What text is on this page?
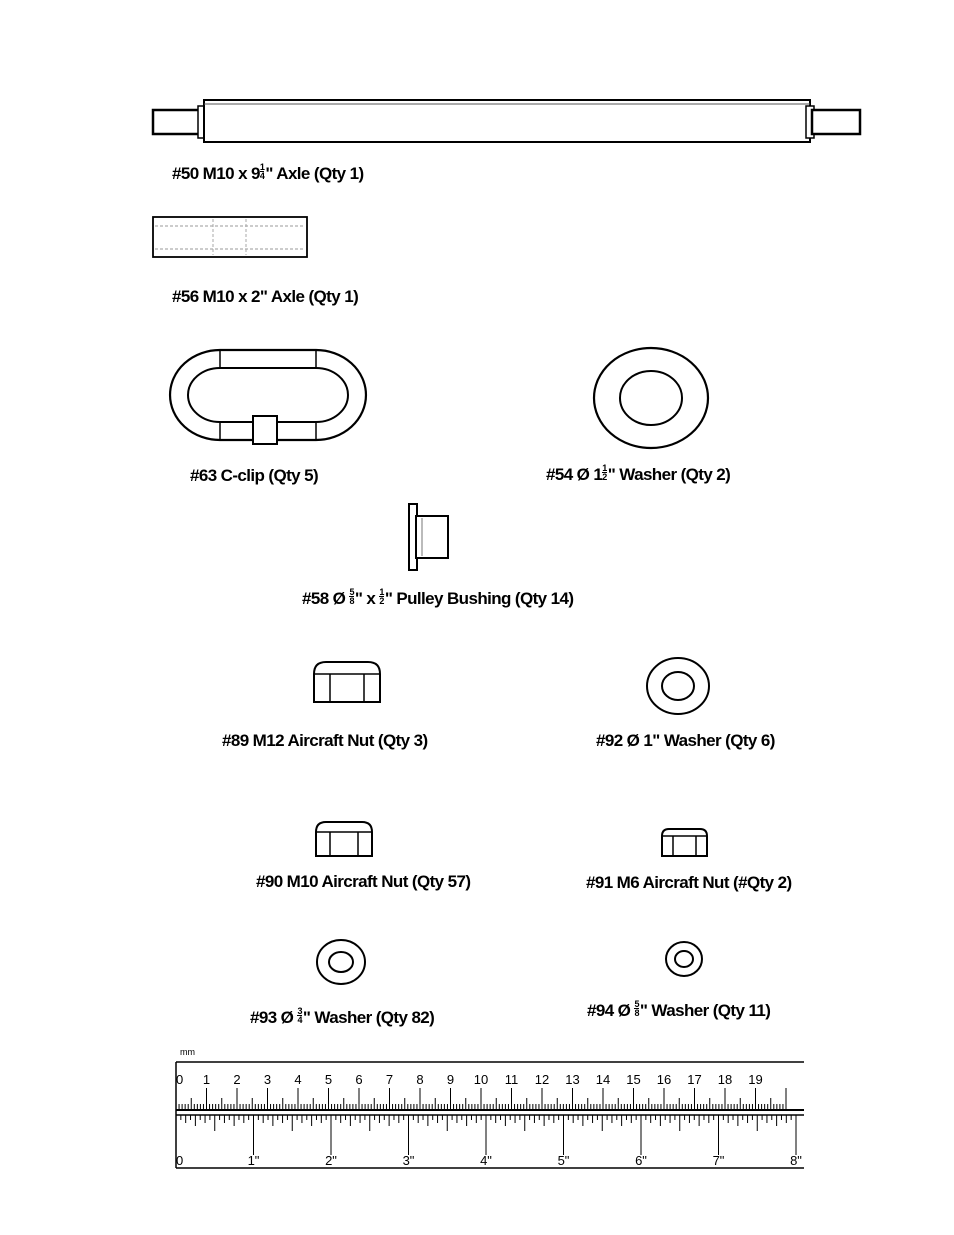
#50 M10 x $9 \frac{1}{4}$ " Axle (Qty 1)
#56 M10 x 2" Axle (Qty 1)
#63 C-clip (Qty 5)	#54 Ø $1 \frac{1}{2}$ " Washer (Qty 2)
#58 Ø $\frac{5}{8}$ " x $\frac{1}{2}$ " Pulley Bushing (Qty 14)
#89 M12 Aircraft Nut (Qty 3)	#92 Ø 1" Washer (Qty 6)
#90 M10 Aircraft Nut (Qty 57)	#91 M6 Aircraft Nut (#Qty 2)
#93 Ø $\frac{3}{4}$ " Washer (Qty 82)	#94 Ø $\frac{5}{8}$ " Washer (Qty 11)
mm
0 1 2 3 4 5 6 7 8 9 10 11 12 13 14 15 16 17 18 19
0	1"	2"	3"	4"	5"	6"	7"	8"
